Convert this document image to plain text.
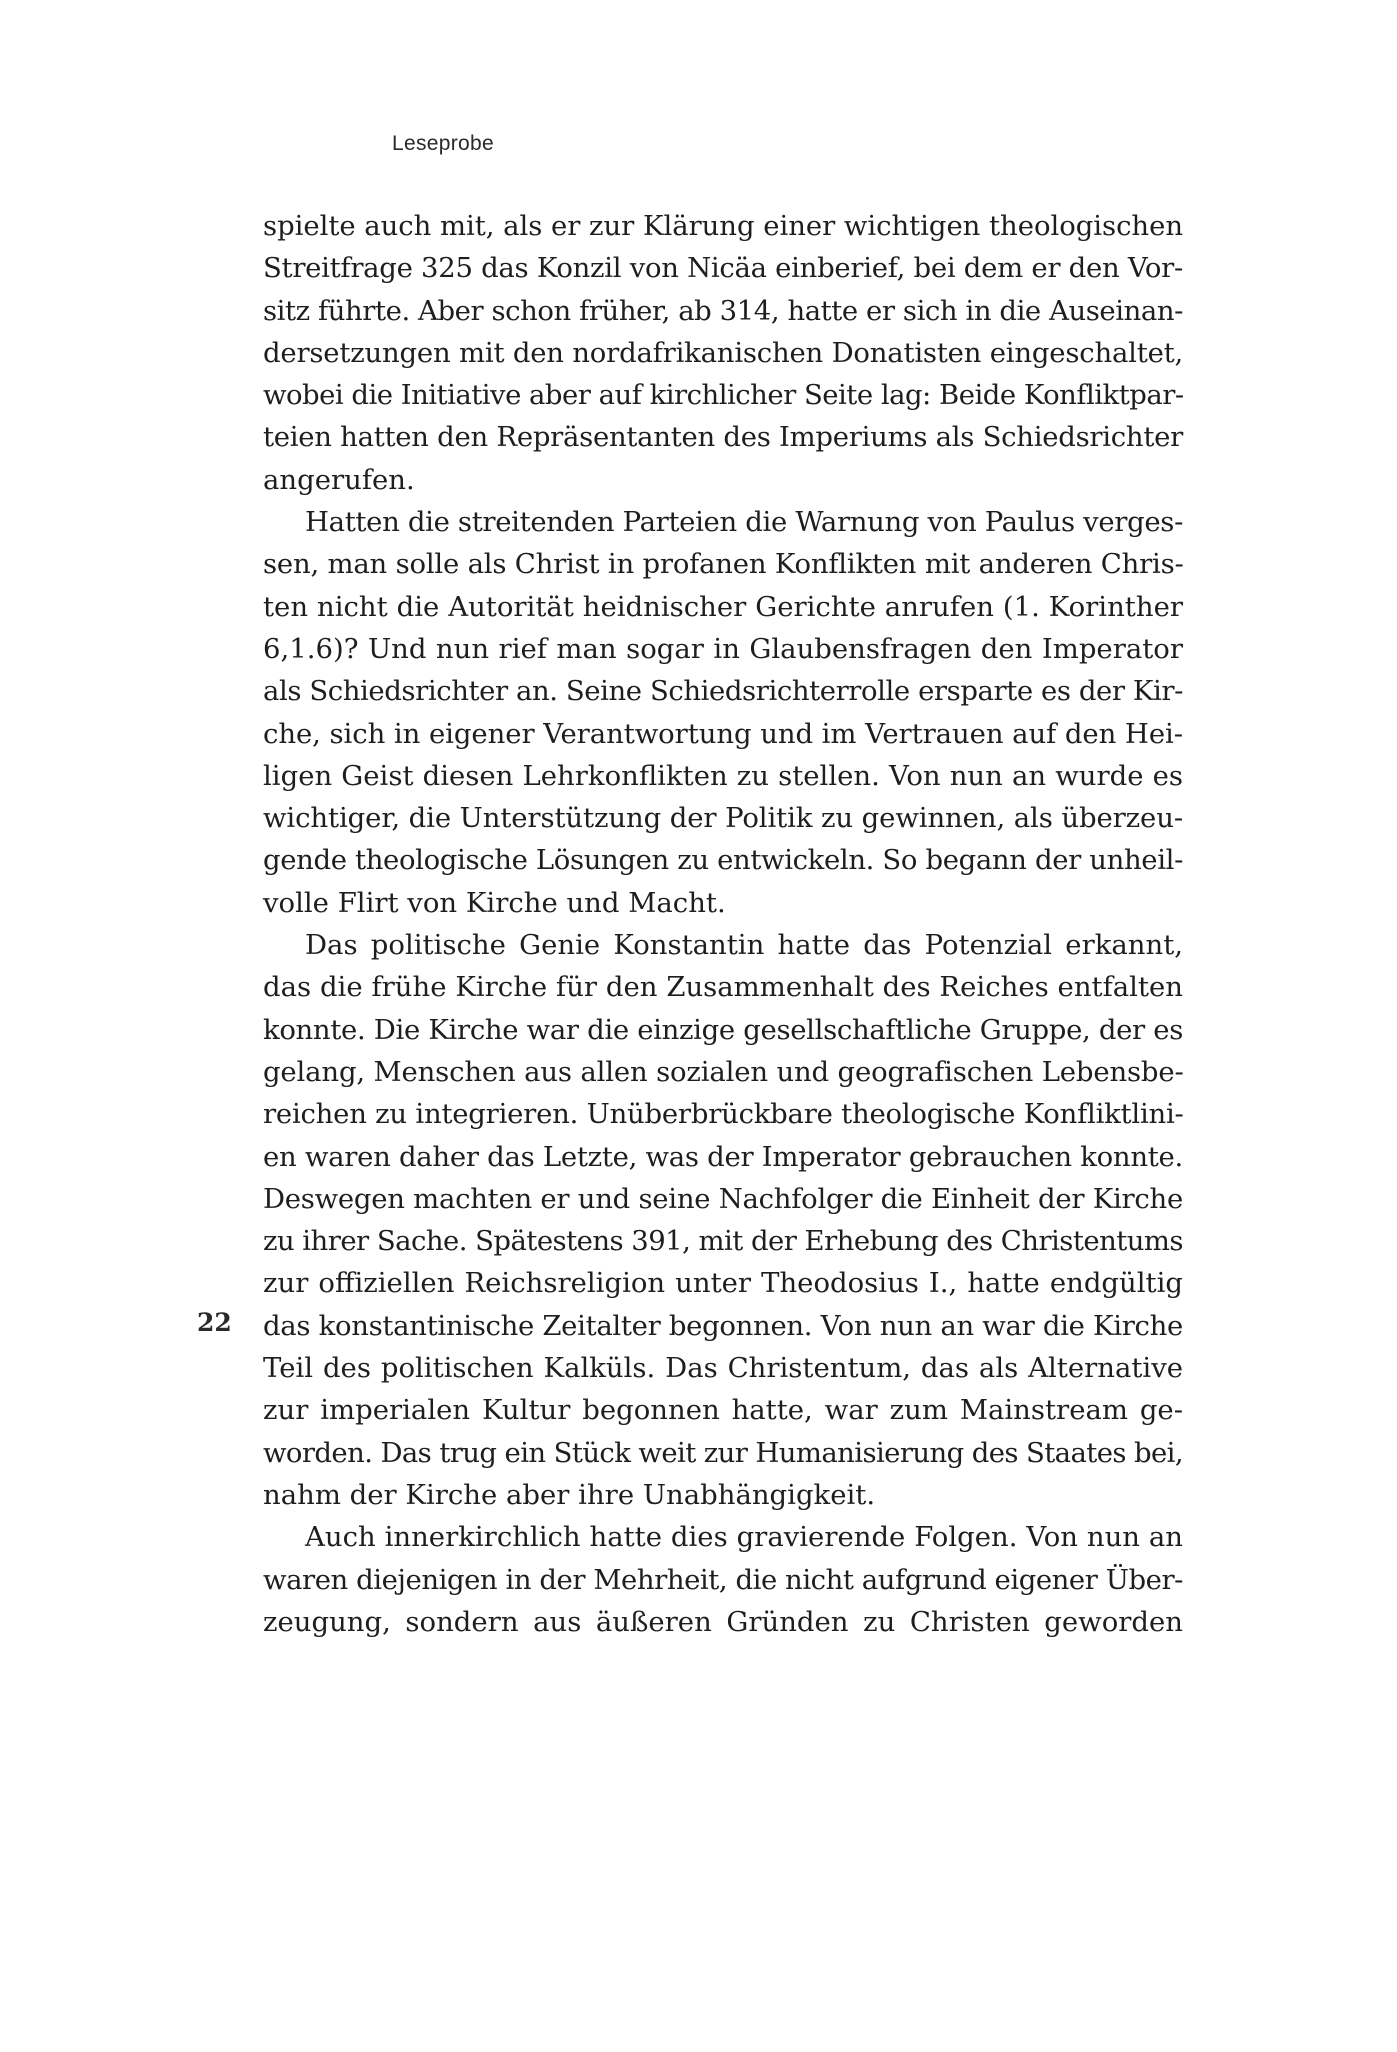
Leseprobe
spielte auch mit, als er zur Klärung einer wichtigen theologischen
Streitfrage 325 das Konzil von Nicäa einberief, bei dem er den Vor-
sitz führte. Aber schon früher, ab 314, hatte er sich in die Auseinan-
dersetzungen mit den nordafrikanischen Donatisten eingeschaltet,
wobei die Initiative aber auf kirchlicher Seite lag: Beide Konfliktpar-
teien hatten den Repräsentanten des Imperiums als Schiedsrichter
angerufen.
Hatten die streitenden Parteien die Warnung von Paulus verges-
sen, man solle als Christ in profanen Konflikten mit anderen Chris-
ten nicht die Autorität heidnischer Gerichte anrufen (1. Korinther
6,1.6)? Und nun rief man sogar in Glaubensfragen den Imperator
als Schiedsrichter an. Seine Schiedsrichterrolle ersparte es der Kir-
che, sich in eigener Verantwortung und im Vertrauen auf den Hei-
ligen Geist diesen Lehrkonflikten zu stellen. Von nun an wurde es
wichtiger, die Unterstützung der Politik zu gewinnen, als überzeu-
gende theologische Lösungen zu entwickeln. So begann der unheil-
volle Flirt von Kirche und Macht.
Das politische Genie Konstantin hatte das Potenzial erkannt,
das die frühe Kirche für den Zusammenhalt des Reiches entfalten
konnte. Die Kirche war die einzige gesellschaftliche Gruppe, der es
gelang, Menschen aus allen sozialen und geografischen Lebensbe-
reichen zu integrieren. Unüberbrückbare theologische Konfliktlini-
en waren daher das Letzte, was der Imperator gebrauchen konnte.
Deswegen machten er und seine Nachfolger die Einheit der Kirche
zu ihrer Sache. Spätestens 391, mit der Erhebung des Christentums
zur offiziellen Reichsreligion unter Theodosius I., hatte endgültig
das konstantinische Zeitalter begonnen. Von nun an war die Kirche
Teil des politischen Kalküls. Das Christentum, das als Alternative
zur imperialen Kultur begonnen hatte, war zum Mainstream ge-
worden. Das trug ein Stück weit zur Humanisierung des Staates bei,
nahm der Kirche aber ihre Unabhängigkeit.
Auch innerkirchlich hatte dies gravierende Folgen. Von nun an
waren diejenigen in der Mehrheit, die nicht aufgrund eigener Über-
zeugung, sondern aus äußeren Gründen zu Christen geworden
22
